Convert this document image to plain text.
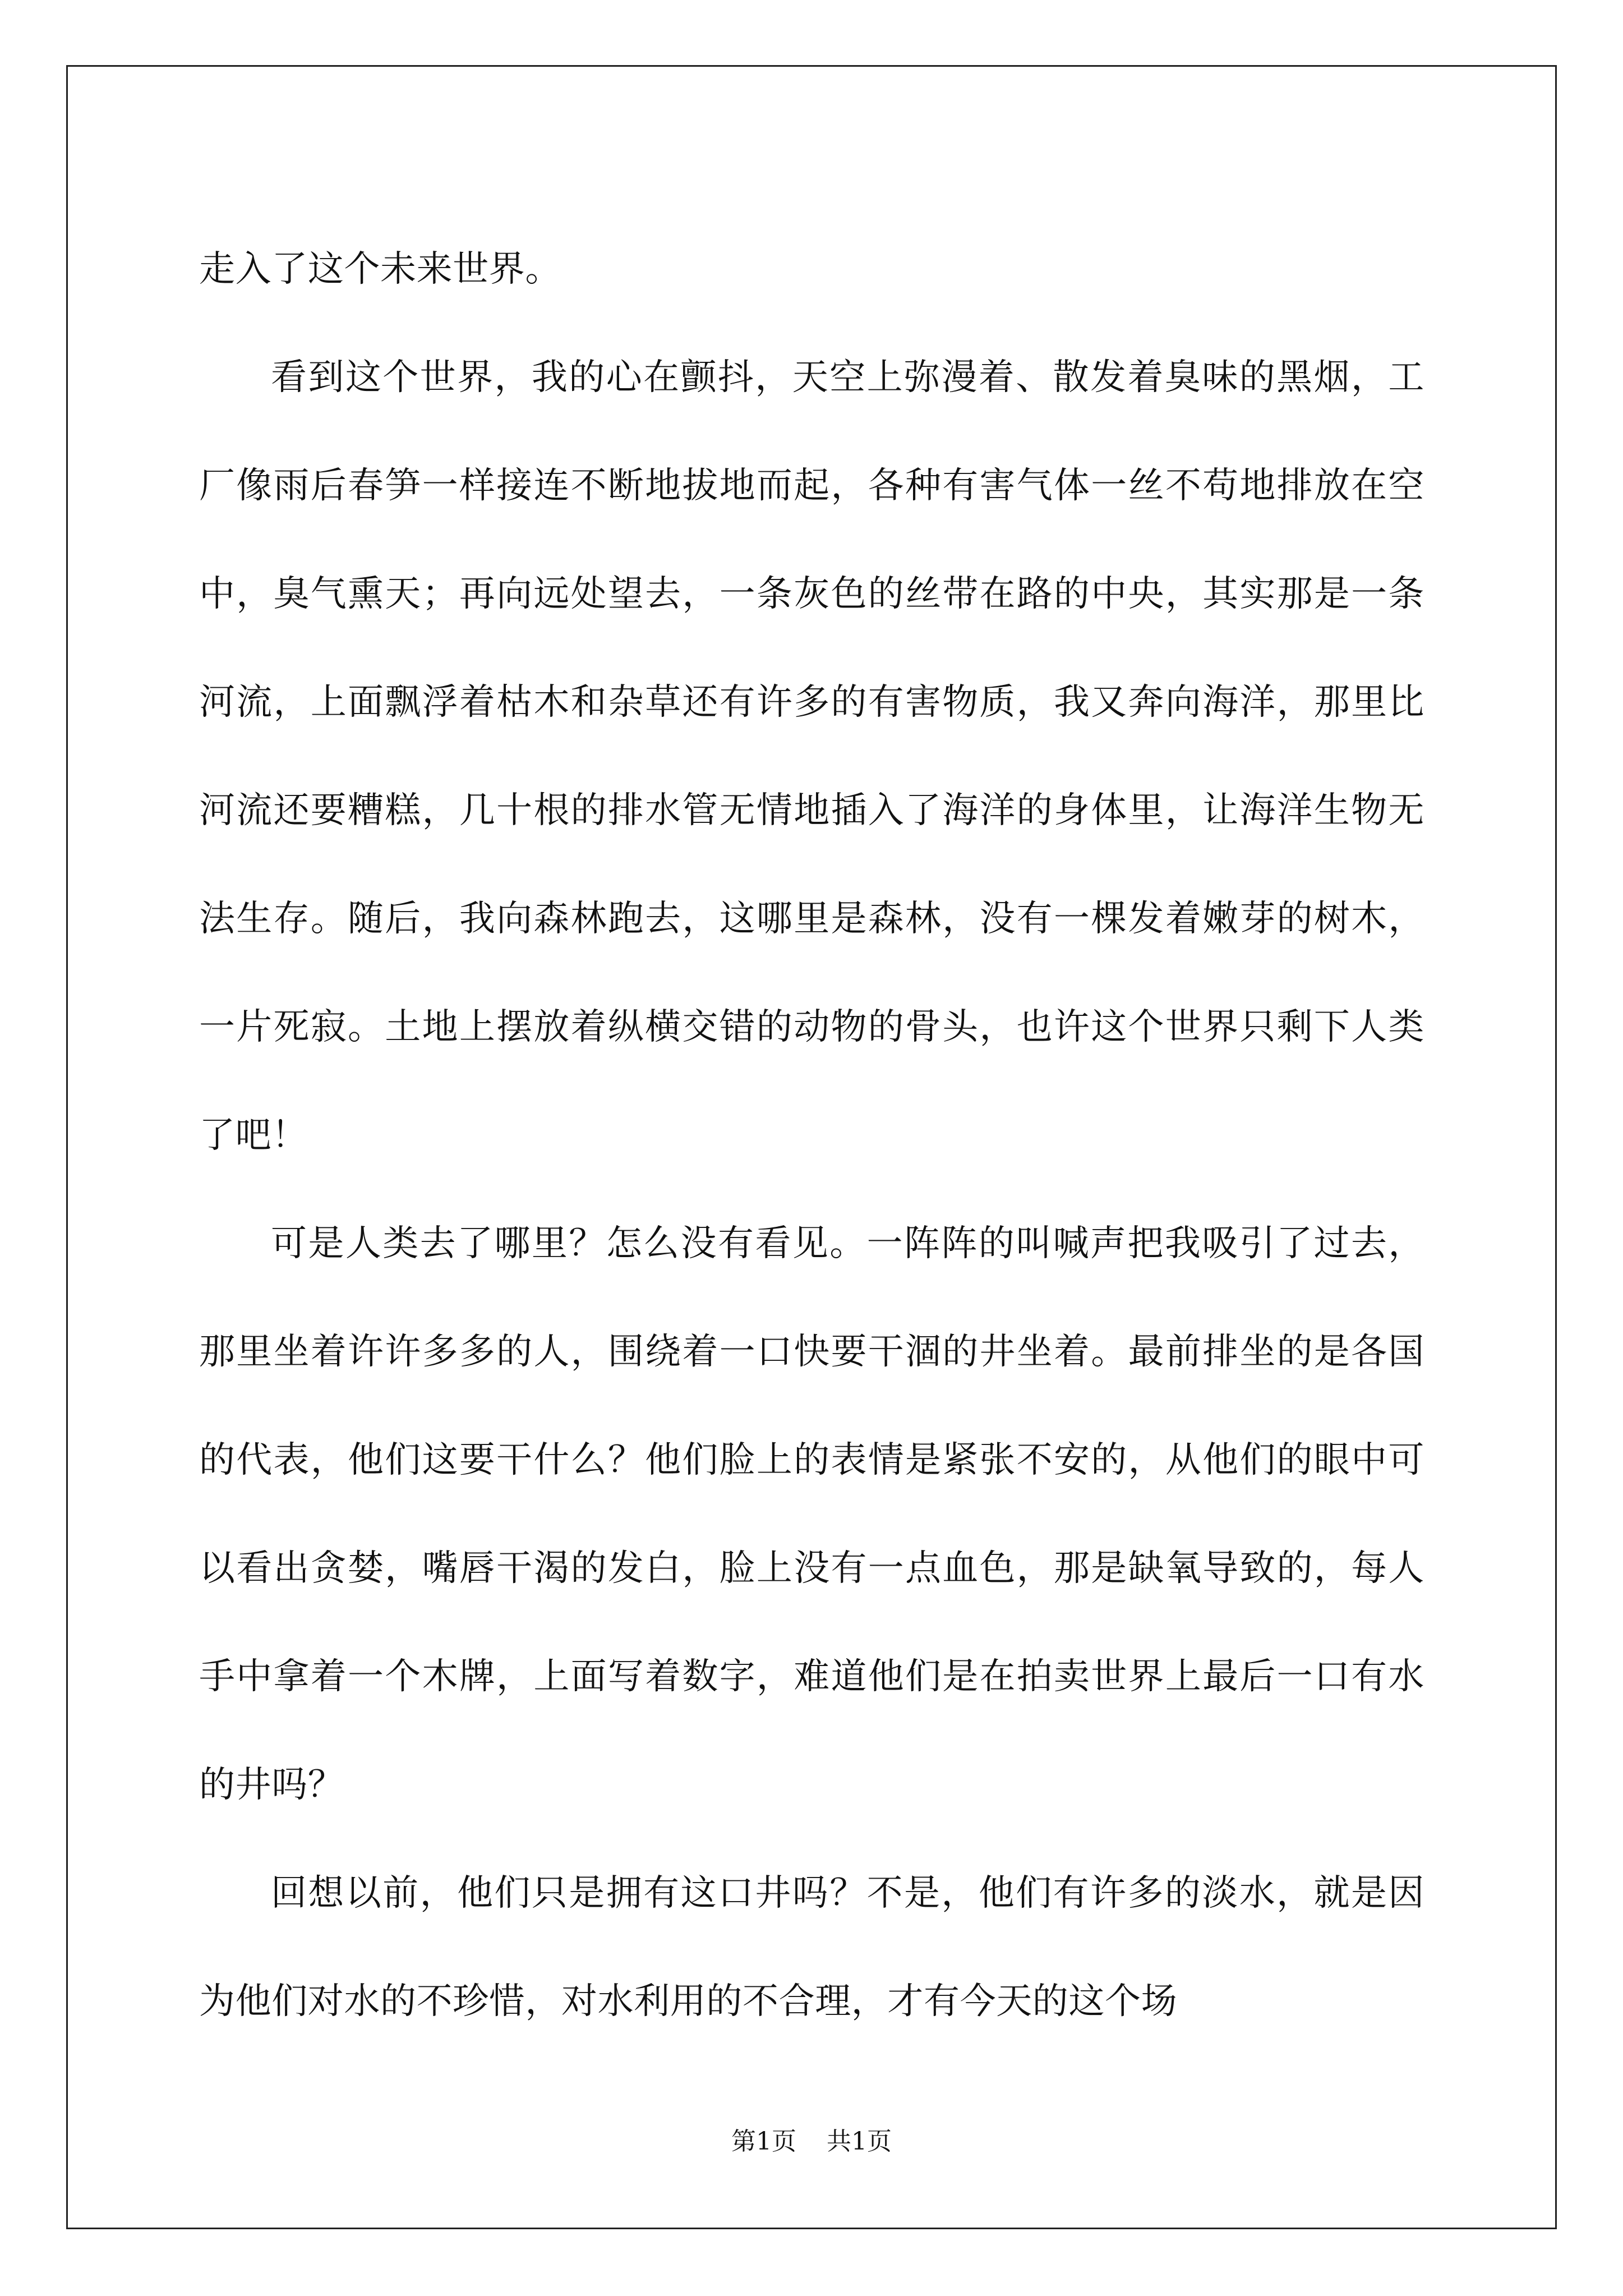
走入了这个未来世界。

看到这个世界，我的心在颤抖，天空上弥漫着、散发着臭味的黑烟，工厂像雨后春笋一样接连不断地拔地而起，各种有害气体一丝不苟地排放在空中，臭气熏天；再向远处望去，一条灰色的丝带在路的中央，其实那是一条河流，上面飘浮着枯木和杂草还有许多的有害物质，我又奔向海洋，那里比河流还要糟糕，几十根的排水管无情地插入了海洋的身体里，让海洋生物无法生存。随后，我向森林跑去，这哪里是森林，没有一棵发着嫩芽的树木，一片死寂。土地上摆放着纵横交错的动物的骨头，也许这个世界只剩下人类了吧！

可是人类去了哪里？怎么没有看见。一阵阵的叫喊声把我吸引了过去，那里坐着许许多多的人，围绕着一口快要干涸的井坐着。最前排坐的是各国的代表，他们这要干什么？他们脸上的表情是紧张不安的，从他们的眼中可以看出贪婪，嘴唇干渴的发白，脸上没有一点血色，那是缺氧导致的，每人手中拿着一个木牌，上面写着数字，难道他们是在拍卖世界上最后一口有水的井吗？

回想以前，他们只是拥有这口井吗？不是，他们有许多的淡水，就是因为他们对水的不珍惜，对水利用的不合理，才有今天的这个场

第1页 共1页
